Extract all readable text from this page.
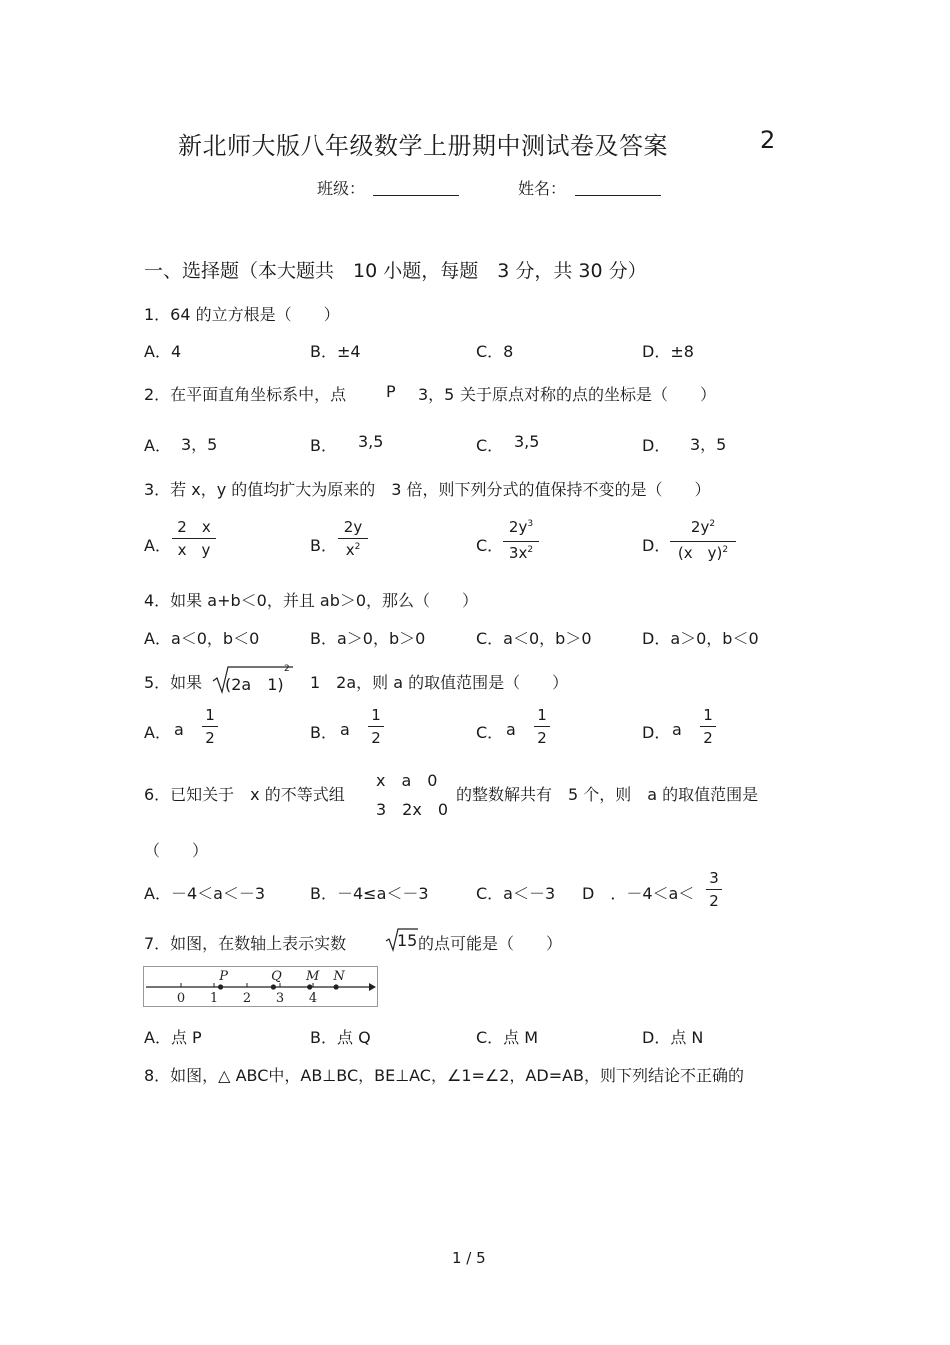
新北师大版八年级数学上册期中测试卷及答案	2
班级：	姓名：
一、选择题（本大题共　10 小题，每题　3 分，共 30 分）
1．64 的立方根是（　　）
A．4	B．±4	C．8	D．±8
2．在平面直角坐标系中，点 P 3，5 关于原点对称的点的坐标是（　　）
A． 3，5	B． 3,5	C． 3,5	D． 3，5
3．若 x，y 的值均扩大为原来的　3 倍，则下列分式的值保持不变的是（　　）
A．
2　x
x　y	B．
2y
$x^2$	C．
$2y^3$
$3x^2$	D．
$2y^2$
(x　y)$^2$
4．如果 a+b＜0，并且 ab＞0，那么（　　）
A．a＜0，b＜0	B．a＞0，b＞0	C．a＜0，b＞0	D．a＞0，b＜0
5．如果 (2a　1)
2
1　2a，则 a 的取值范围是（　　）
A． a
1
2	B． a
1
2	C． a
1
2	D． a
1
2
6．已知关于　x 的不等式组
x　a　0
3　2x　0
的整数解共有　5 个，则　a 的取值范围是
（　　）
A．－4＜a＜－3	B．－4≤a＜－3	C．a＜－3 D　．－4＜a＜
3
2
7．如图，在数轴上表示实数	15 的点可能是（　　）
0 1 2 3 4
P	Q M N
A．点 P	B．点 Q	C．点 M	D．点 N
8．如图，△ ABC中，AB⊥BC，BE⊥AC，∠1=∠2，AD=AB，则下列结论不正确的
1 / 5
